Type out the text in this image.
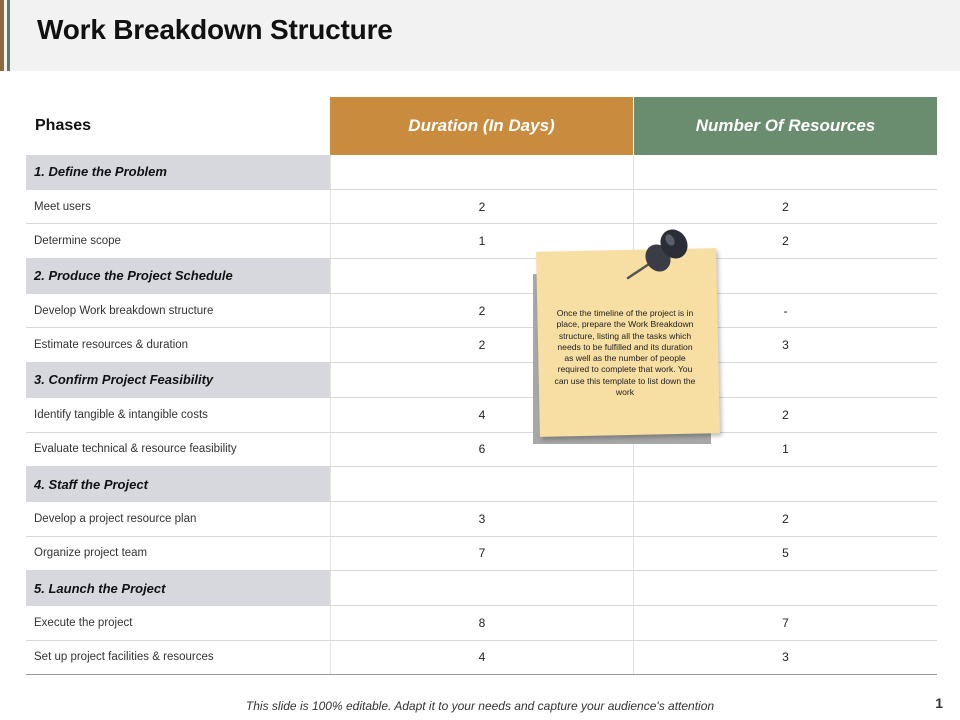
Work Breakdown Structure
Phases	Duration (In Days)	Number Of Resources
1. Define the Problem
Meet users	2	2
Determine scope	1	2
2. Produce the Project Schedule
Develop Work breakdown structure	2	-
Estimate resources & duration	2	3
3. Confirm Project Feasibility
Identify tangible & intangible costs	4	2
Evaluate technical & resource feasibility	6	1
4. Staff the Project
Develop a project resource plan	3	2
Organize project team	7	5
5. Launch the Project
Execute the project	8	7
Set up project facilities & resources	4	3
Once the timeline of the project is in place, prepare the Work Breakdown structure, listing all the tasks which needs to be fulfilled and its duration as well as the number of people required to complete that work. You can use this template to list down the work
This slide is 100% editable. Adapt it to your needs and capture your audience's attention	1
